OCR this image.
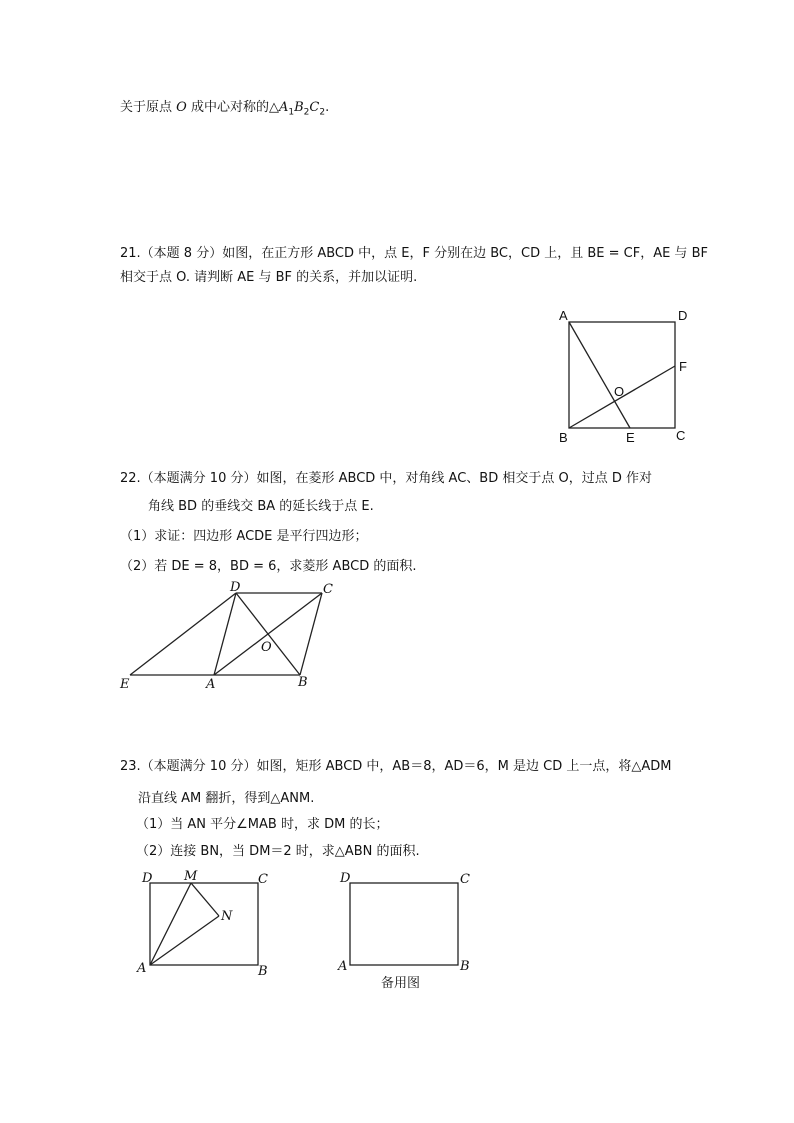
关于原点 O 成中心对称的$\triangle A_1B_2C_2$.
21.（本题 8 分）如图，在正方形 ABCD 中，点 E，F 分别在边 BC，CD 上，且 BE = CF，AE 与 BF
相交于点 O. 请判断 AE 与 BF 的关系，并加以证明.
A	D
F
O
B	E	C
22.（本题满分 10 分）如图，在菱形 ABCD 中，对角线 AC、BD 相交于点 O，过点 D 作对
角线 BD 的垂线交 BA 的延长线于点 E.
（1）求证：四边形 ACDE 是平行四边形；
（2）若 DE = 8，BD = 6，求菱形 ABCD 的面积.
D	C
O
E	A	B
23.（本题满分 10 分）如图，矩形 ABCD 中，AB＝8，AD＝6，M 是边 CD 上一点，将△ADM
沿直线 AM 翻折，得到△ANM.
（1）当 AN 平分∠MAB 时，求 DM 的长；
（2）连接 BN，当 DM＝2 时，求△ABN 的面积.
D M	C
N
A	B
D	C
A	B
备用图
